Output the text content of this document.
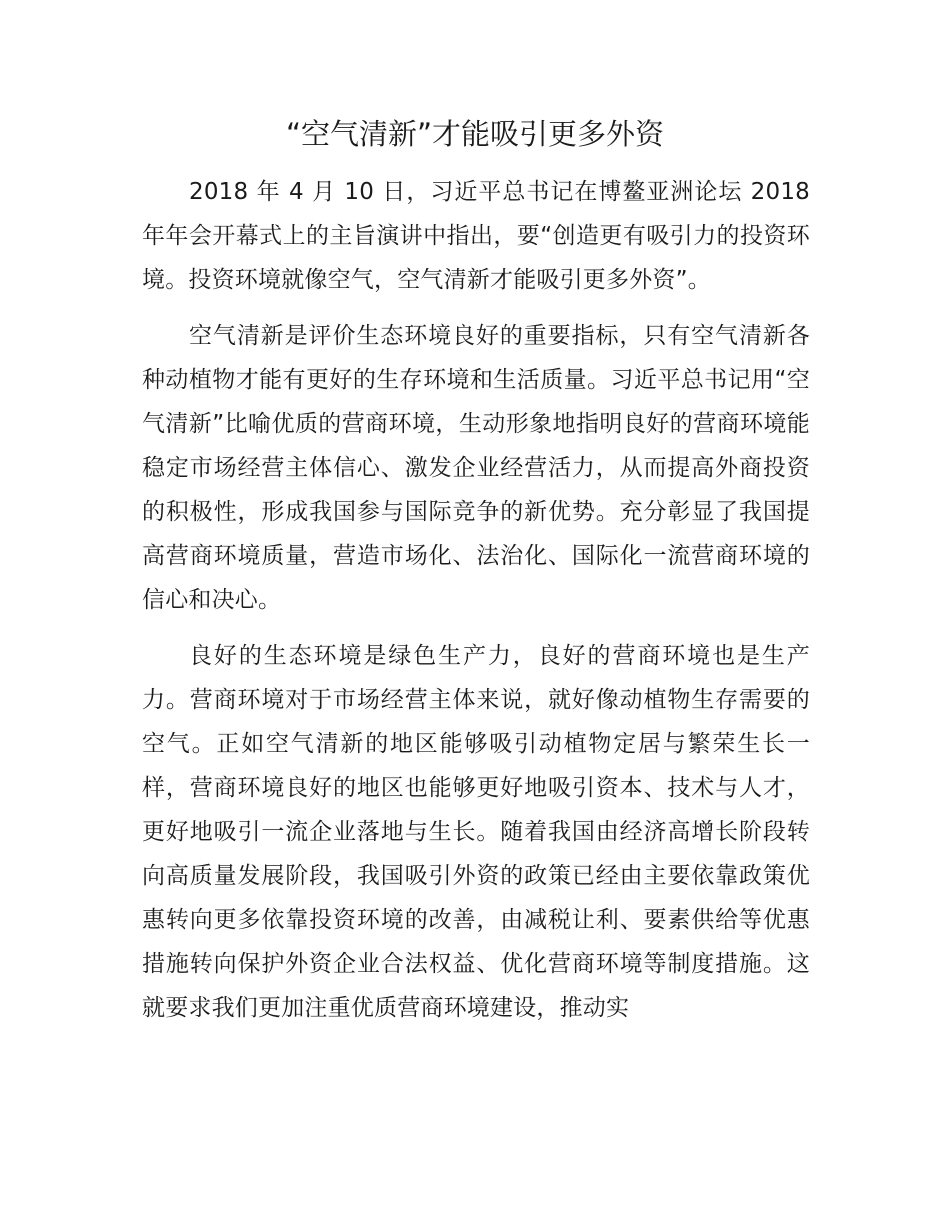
“空气清新”才能吸引更多外资

2018 年 4 月 10 日，习近平总书记在博鳌亚洲论坛 2018 年年会开幕式上的主旨演讲中指出，要“创造更有吸引力的投资环境。投资环境就像空气，空气清新才能吸引更多外资”。

空气清新是评价生态环境良好的重要指标，只有空气清新各种动植物才能有更好的生存环境和生活质量。习近平总书记用“空气清新”比喻优质的营商环境，生动形象地指明良好的营商环境能稳定市场经营主体信心、激发企业经营活力，从而提高外商投资的积极性，形成我国参与国际竞争的新优势。充分彰显了我国提高营商环境质量，营造市场化、法治化、国际化一流营商环境的信心和决心。

良好的生态环境是绿色生产力，良好的营商环境也是生产力。营商环境对于市场经营主体来说，就好像动植物生存需要的空气。正如空气清新的地区能够吸引动植物定居与繁荣生长一样，营商环境良好的地区也能够更好地吸引资本、技术与人才，更好地吸引一流企业落地与生长。随着我国由经济高增长阶段转向高质量发展阶段，我国吸引外资的政策已经由主要依靠政策优惠转向更多依靠投资环境的改善，由减税让利、要素供给等优惠措施转向保护外资企业合法权益、优化营商环境等制度措施。这就要求我们更加注重优质营商环境建设，推动实
